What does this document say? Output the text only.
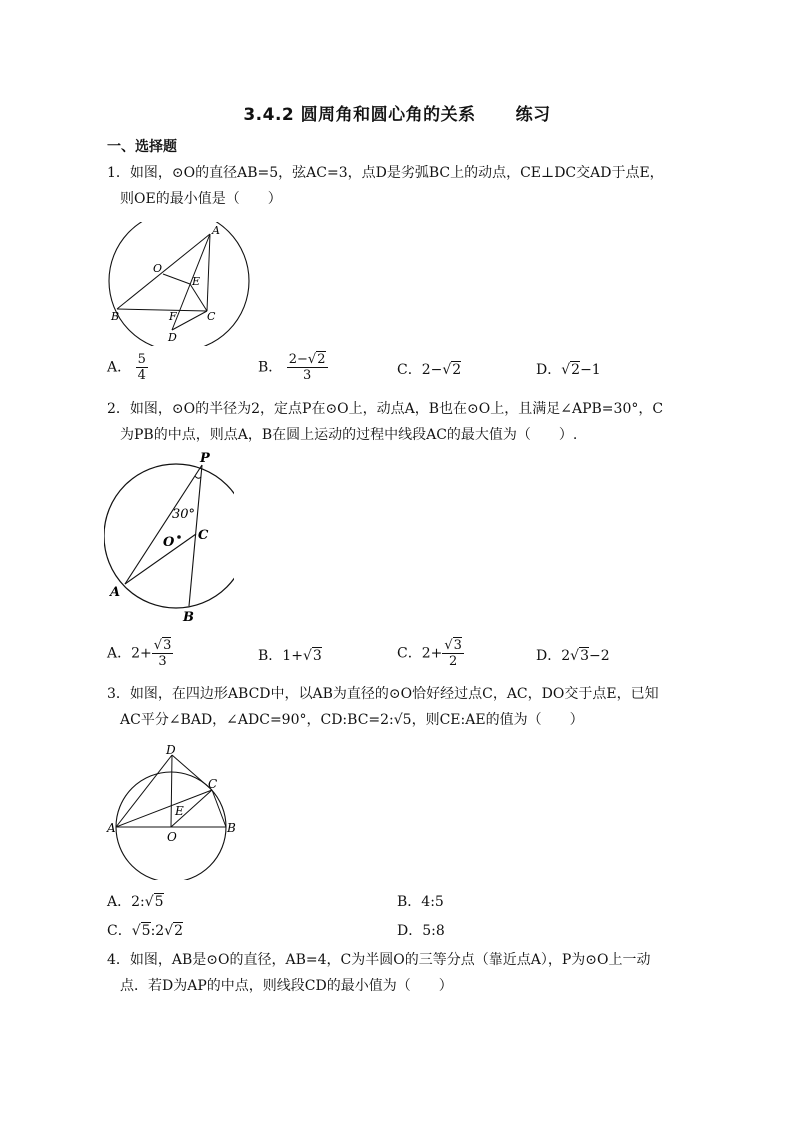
3.4.2 圆周角和圆心角的关系 练习
一、选择题
1．如图，⊙O的直径AB=5，弦AC=3，点D是劣弧BC上的动点，CE⊥DC交AD于点E，
则OE的最小值是（　　）
A
O
E
B	F	C
D
A． $\frac{5}{4}$	B． $\frac{2-√2}{3}$	C．2−√2	D．√2−1
2．如图，⊙O的半径为2，定点P在⊙O上，动点A，B也在⊙O上，且满足∠APB=30°，C
为PB的中点，则点A，B在圆上运动的过程中线段AC的最大值为（　　）.
P
30°
O C
A
B
A．$2+ \frac{√3}{3}$	B．1+√3	C．$2+ \frac{√3}{2}$	D．2√3−2
3．如图，在四边形ABCD中，以AB为直径的⊙O恰好经过点C，AC，DO交于点E，已知
AC平分∠BAD，∠ADC=90°，CD:BC=2:√5，则CE:AE的值为（　　）
D
C
E
A
O
B
A．2:√5	B．4:5
C．√5:2√2	D．5:8
4．如图，AB是⊙O的直径，AB=4，C为半圆O的三等分点（靠近点A），P为⊙O上一动
点．若D为AP的中点，则线段CD的最小值为（　　）
